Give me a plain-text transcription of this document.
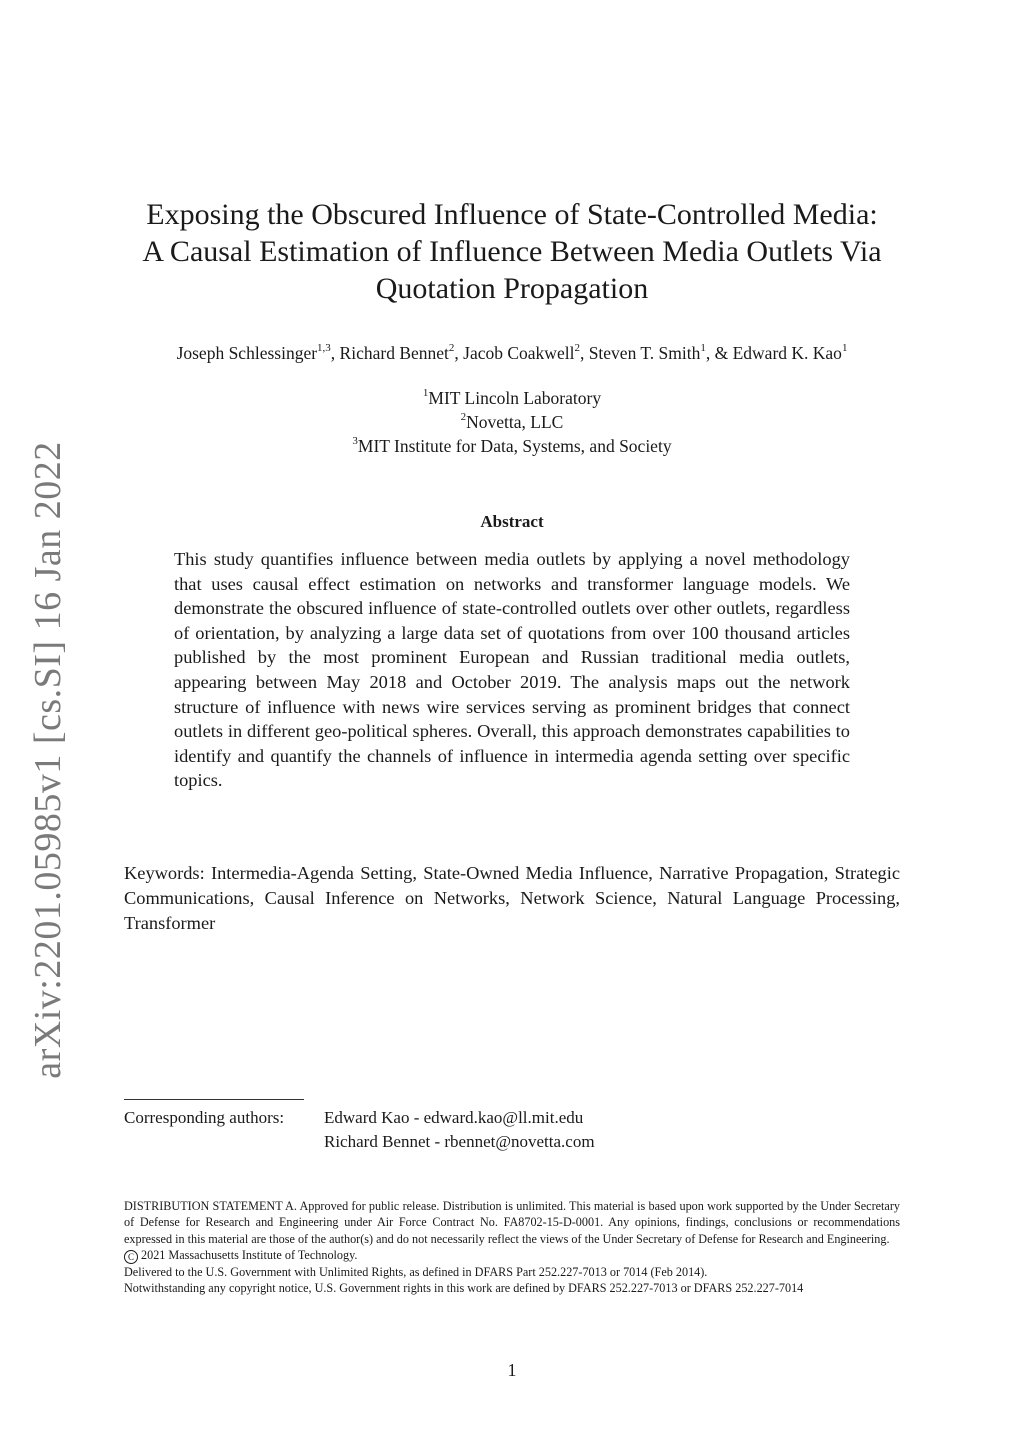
arXiv:2201.05985v1 [cs.SI] 16 Jan 2022
Exposing the Obscured Influence of State-Controlled Media:
A Causal Estimation of Influence Between Media Outlets Via
Quotation Propagation
Joseph Schlessinger$^{1,3}$, Richard Bennet$^2$, Jacob Coakwell$^2$, Steven T. Smith$^1$, & Edward K. Kao$^1$
$^1$MIT Lincoln Laboratory
$^2$Novetta, LLC
$^3$MIT Institute for Data, Systems, and Society
Abstract

This study quantifies influence between media outlets by applying a novel methodology that uses causal effect estimation on networks and transformer language models. We demonstrate the obscured influence of state-controlled outlets over other outlets, regardless of orientation, by analyzing a large data set of quotations from over 100 thousand articles published by the most prominent European and Russian traditional media outlets, appearing between May 2018 and October 2019. The analysis maps out the network structure of influence with news wire services serving as prominent bridges that connect outlets in different geo-political spheres. Overall, this approach demonstrates capabilities to identify and quantify the channels of influence in intermedia agenda setting over specific topics.

Keywords: Intermedia-Agenda Setting, State-Owned Media Influence, Narrative Propagation, Strategic Communications, Causal Inference on Networks, Network Science, Natural Language Processing, Transformer

Corresponding authors:	Edward Kao - edward.kao@ll.mit.edu
Richard Bennet - rbennet@novetta.com

DISTRIBUTION STATEMENT A. Approved for public release. Distribution is unlimited. This material is based upon work supported by the Under Secretary of Defense for Research and Engineering under Air Force Contract No. FA8702-15-D-0001. Any opinions, findings, conclusions or recommendations expressed in this material are those of the author(s) and do not necessarily reflect the views of the Under Secretary of Defense for Research and Engineering.

C 2021 Massachusetts Institute of Technology.

Delivered to the U.S. Government with Unlimited Rights, as defined in DFARS Part 252.227-7013 or 7014 (Feb 2014).

Notwithstanding any copyright notice, U.S. Government rights in this work are defined by DFARS 252.227-7013 or DFARS 252.227-7014

1
